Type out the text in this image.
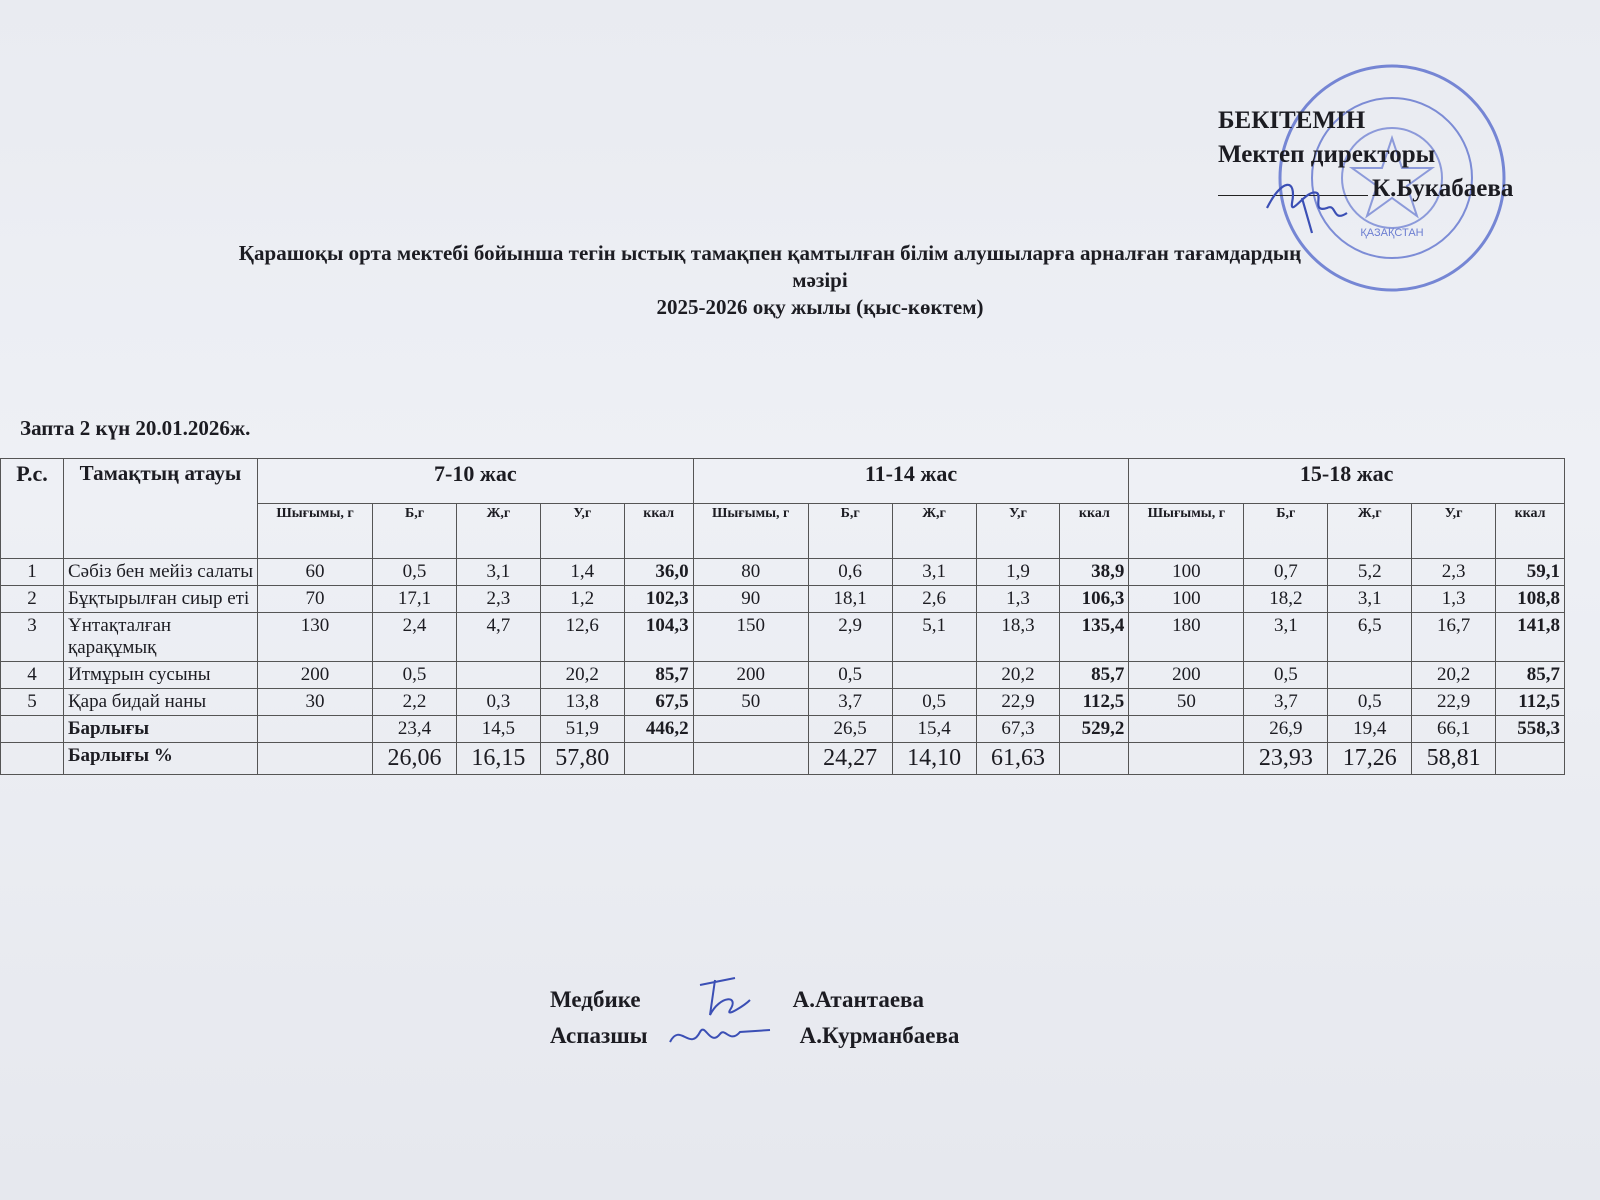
ҚАЗАҚСТАН
БЕКІТЕМІН
Мектеп директоры
К.Букабаева
Қарашоқы орта мектебі бойынша тегін ыстық тамақпен қамтылған білім алушыларға арналған тағамдардың
мәзірі
2025-2026 оқу жылы (қыс-көктем)
Запта 2 күн 20.01.2026ж.
Р.с.	Тамақтың атауы	7-10 жас					11-14 жас					15-18 жас				
		Шығымы, г	Б,г	Ж,г	У,г	ккал	Шығымы, г	Б,г	Ж,г	У,г	ккал	Шығымы, г	Б,г	Ж,г	У,г	ккал
1	Сәбіз бен мейіз салаты	60	0,5	3,1	1,4	36,0	80	0,6	3,1	1,9	38,9	100	0,7	5,2	2,3	59,1
2	Бұқтырылған сиыр еті	70	17,1	2,3	1,2	102,3	90	18,1	2,6	1,3	106,3	100	18,2	3,1	1,3	108,8
3	Ұнтақталған қарақұмық	130	2,4	4,7	12,6	104,3	150	2,9	5,1	18,3	135,4	180	3,1	6,5	16,7	141,8
4	Итмұрын сусыны	200	0,5		20,2	85,7	200	0,5		20,2	85,7	200	0,5		20,2	85,7
5	Қара бидай наны	30	2,2	0,3	13,8	67,5	50	3,7	0,5	22,9	112,5	50	3,7	0,5	22,9	112,5
	Барлығы		23,4	14,5	51,9	446,2		26,5	15,4	67,3	529,2		26,9	19,4	66,1	558,3
	Барлығы %		26,06	16,15	57,80			24,27	14,10	61,63			23,93	17,26	58,81	
Медбике	А.Атантаева
Аспазшы	А.Курманбаева
